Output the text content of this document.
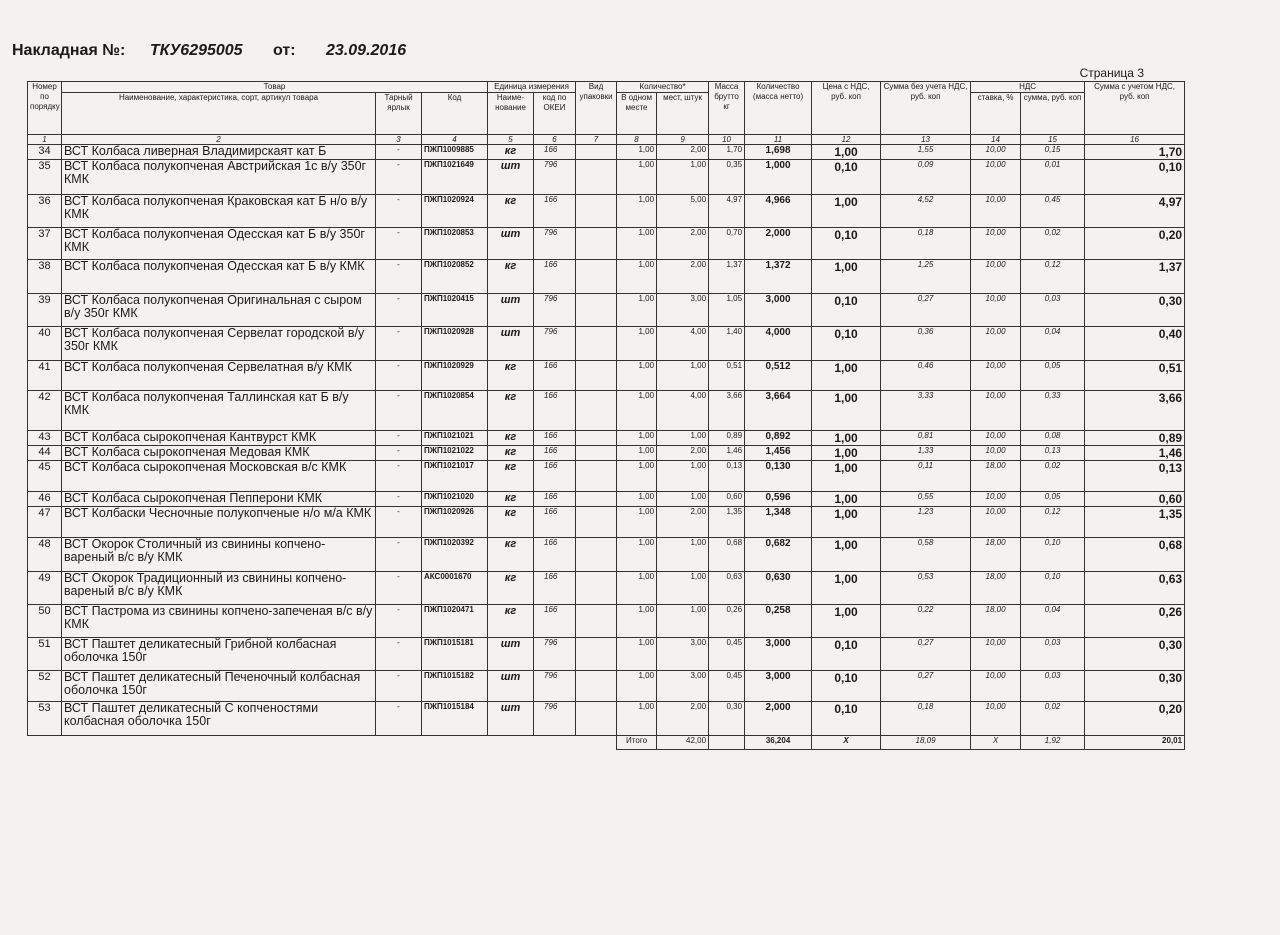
Накладная №: ТКУ6295005 от: 23.09.2016
Страница 3
Номер по порядку	Товар			Единица измерения		Вид упаковки	Количество*		Масса брутто кг	Количество (масса нетто)	Цена с НДС, руб. коп	Сумма без учета НДС, руб. коп	НДС		Сумма с учетом НДС, руб. коп
	Наименование, характеристика, сорт, артикул товара	Тарный ярлык	Код	Наиме-нование	код по ОКЕИ		В одном месте	мест, штук					ставка, %	сумма, руб. коп	
1	2	3	4	5	6	7	8	9	10	11	12	13	14	15	16
34	ВСТ Колбаса ливерная Владимирскаят кат Б	-	ПЖП1009885	кг	166		1,00	2,00	1,70	1,698	1,00	1,55	10,00	0,15	1,70
35	ВСТ Колбаса полукопченая Австрийская 1с в/у 350г КМК	-	ПЖП1021649	шт	796		1,00	1,00	0,35	1,000	0,10	0,09	10,00	0,01	0,10
36	ВСТ Колбаса полукопченая Краковская кат Б н/о в/у КМК	-	ПЖП1020924	кг	166		1,00	5,00	4,97	4,966	1,00	4,52	10,00	0,45	4,97
37	ВСТ Колбаса полукопченая Одесская кат Б в/у 350г КМК	-	ПЖП1020853	шт	796		1,00	2,00	0,70	2,000	0,10	0,18	10,00	0,02	0,20
38	ВСТ Колбаса полукопченая Одесская кат Б в/у КМК	-	ПЖП1020852	кг	166		1,00	2,00	1,37	1,372	1,00	1,25	10,00	0,12	1,37
39	ВСТ Колбаса полукопченая Оригинальная с сыром в/у 350г КМК	-	ПЖП1020415	шт	796		1,00	3,00	1,05	3,000	0,10	0,27	10,00	0,03	0,30
40	ВСТ Колбаса полукопченая Сервелат городской в/у 350г КМК	-	ПЖП1020928	шт	796		1,00	4,00	1,40	4,000	0,10	0,36	10,00	0,04	0,40
41	ВСТ Колбаса полукопченая Сервелатная в/у КМК	-	ПЖП1020929	кг	166		1,00	1,00	0,51	0,512	1,00	0,46	10,00	0,05	0,51
42	ВСТ Колбаса полукопченая Таллинская кат Б в/у КМК	-	ПЖП1020854	кг	166		1,00	4,00	3,66	3,664	1,00	3,33	10,00	0,33	3,66
43	ВСТ Колбаса сырокопченая Кантвурст КМК	-	ПЖП1021021	кг	166		1,00	1,00	0,89	0,892	1,00	0,81	10,00	0,08	0,89
44	ВСТ Колбаса сырокопченая Медовая КМК	-	ПЖП1021022	кг	166		1,00	2,00	1,46	1,456	1,00	1,33	10,00	0,13	1,46
45	ВСТ Колбаса сырокопченая Московская в/с КМК	-	ПЖП1021017	кг	166		1,00	1,00	0,13	0,130	1,00	0,11	18,00	0,02	0,13
46	ВСТ Колбаса сырокопченая Пепперони КМК	-	ПЖП1021020	кг	166		1,00	1,00	0,60	0,596	1,00	0,55	10,00	0,05	0,60
47	ВСТ Колбаски Чесночные полукопченые н/о м/а КМК	-	ПЖП1020926	кг	166		1,00	2,00	1,35	1,348	1,00	1,23	10,00	0,12	1,35
48	ВСТ Окорок Столичный из свинины копчено-вареный в/с в/у КМК	-	ПЖП1020392	кг	166		1,00	1,00	0,68	0,682	1,00	0,58	18,00	0,10	0,68
49	ВСТ Окорок Традиционный из свинины копчено-вареный в/с в/у КМК	-	АКС0001670	кг	166		1,00	1,00	0,63	0,630	1,00	0,53	18,00	0,10	0,63
50	ВСТ Пастрома из свинины копчено-запеченая в/с в/у КМК	-	ПЖП1020471	кг	166		1,00	1,00	0,26	0,258	1,00	0,22	18,00	0,04	0,26
51	ВСТ Паштет деликатесный Грибной колбасная оболочка 150г	-	ПЖП1015181	шт	796		1,00	3,00	0,45	3,000	0,10	0,27	10,00	0,03	0,30
52	ВСТ Паштет деликатесный Печеночный колбасная оболочка 150г	-	ПЖП1015182	шт	796		1,00	3,00	0,45	3,000	0,10	0,27	10,00	0,03	0,30
53	ВСТ Паштет деликатесный С копченостями колбасная оболочка 150г	-	ПЖП1015184	шт	796		1,00	2,00	0,30	2,000	0,10	0,18	10,00	0,02	0,20
							Итого	42,00		36,204	X	18,09	X	1,92	20,01
